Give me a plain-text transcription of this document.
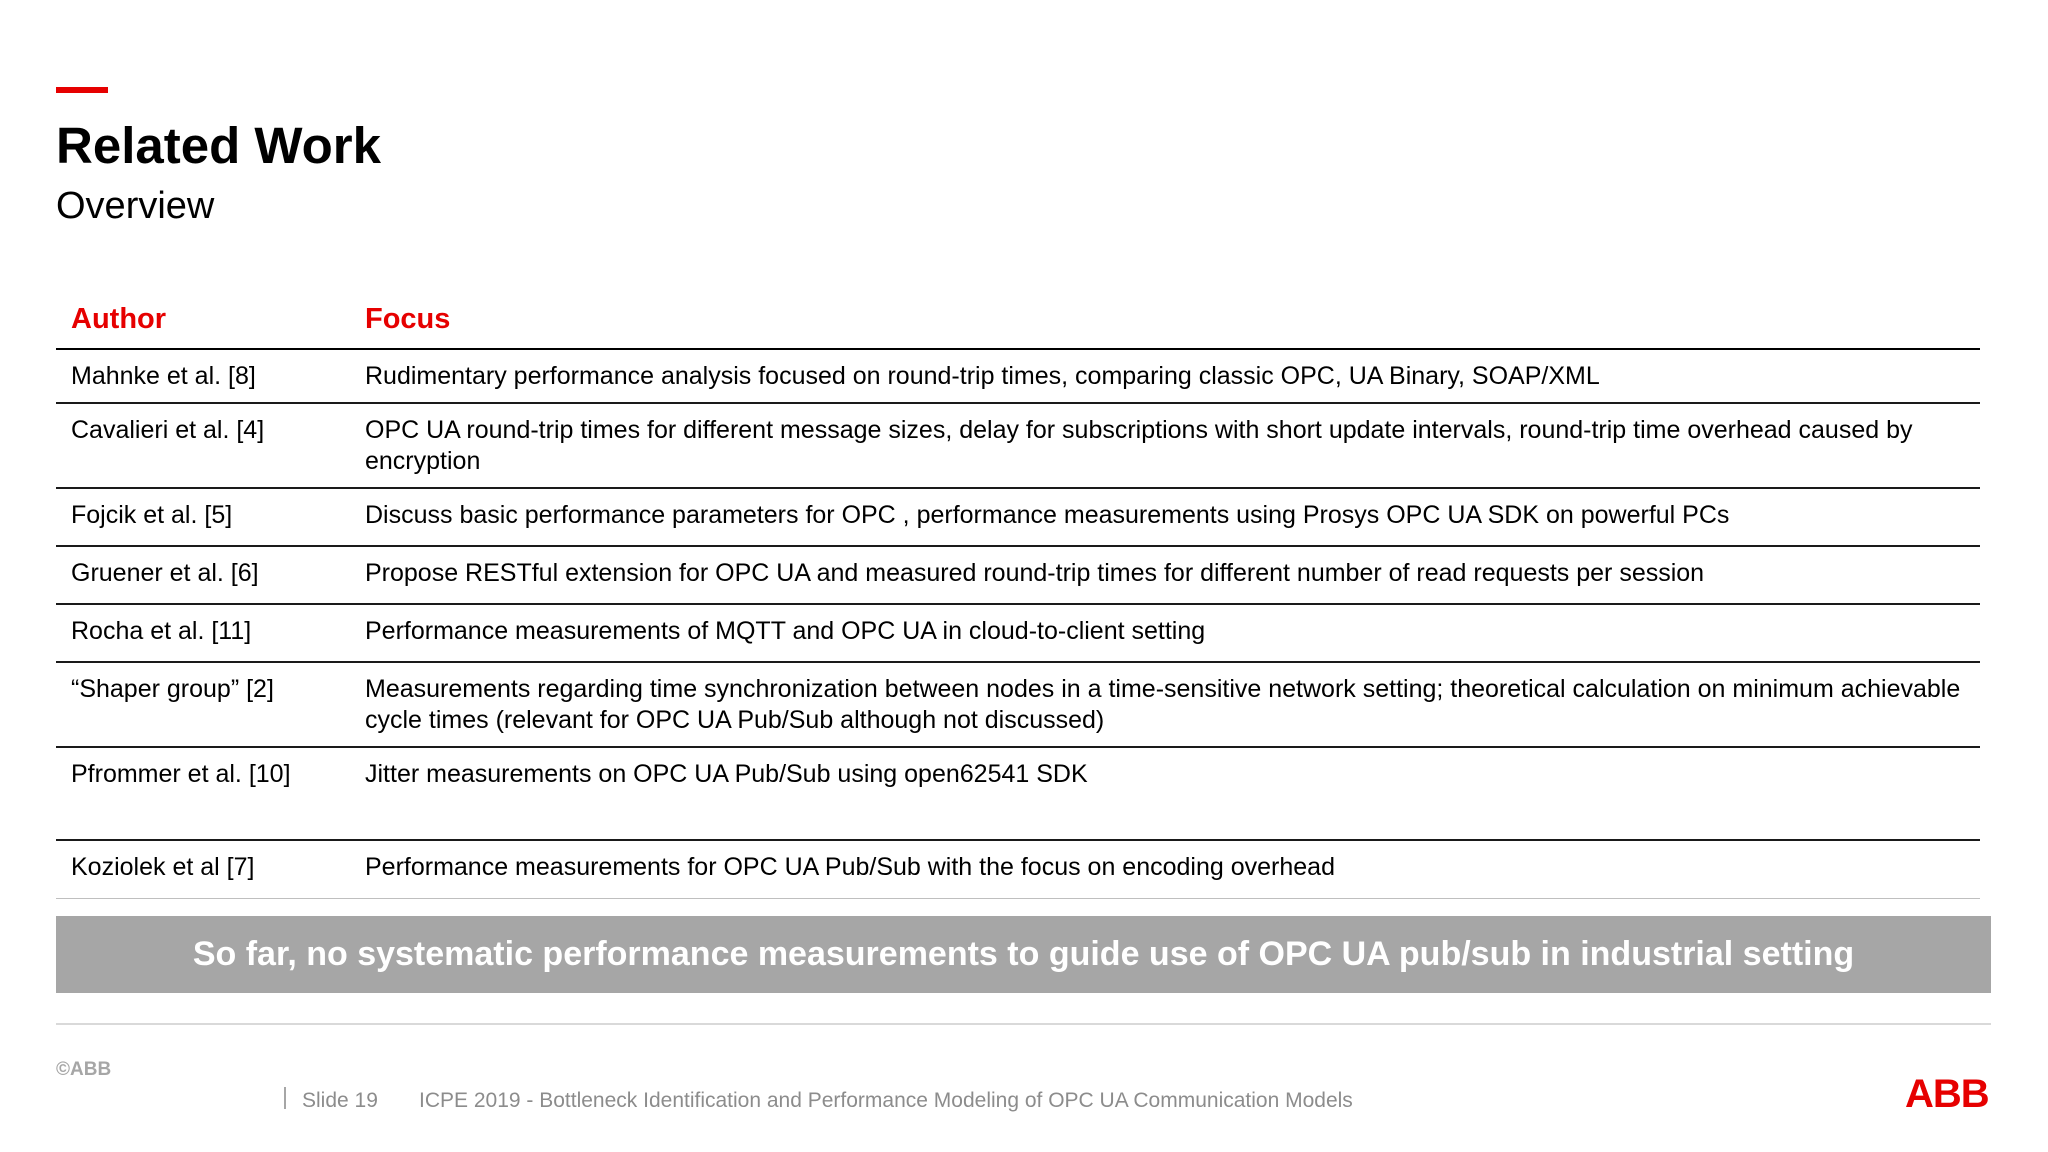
Related Work
Overview
Author	Focus
Mahnke et al. [8]	Rudimentary performance analysis focused on round-trip times, comparing classic OPC, UA Binary, SOAP/XML
Cavalieri et al. [4]	OPC UA round-trip times for different message sizes, delay for subscriptions with short update intervals, round-trip time overhead caused by encryption
Fojcik et al. [5]	Discuss basic performance parameters for OPC , performance measurements using Prosys OPC UA SDK on powerful PCs
Gruener et al. [6]	Propose RESTful extension for OPC UA and measured round-trip times for different number of read requests per session
Rocha et al. [11]	Performance measurements of MQTT and OPC UA in cloud-to-client setting
“Shaper group” [2]	Measurements regarding time synchronization between nodes in a time-sensitive network setting; theoretical calculation on minimum achievable cycle times (relevant for OPC UA Pub/Sub although not discussed)
Pfrommer et al. [10]	Jitter measurements on OPC UA Pub/Sub using open62541 SDK
Koziolek et al [7]	Performance measurements for OPC UA Pub/Sub with the focus on encoding overhead
So far, no systematic performance measurements to guide use of OPC UA pub/sub in industrial setting
©ABB
Slide 19 ICPE 2019 - Bottleneck Identification and Performance Modeling of OPC UA Communication Models	ABB
